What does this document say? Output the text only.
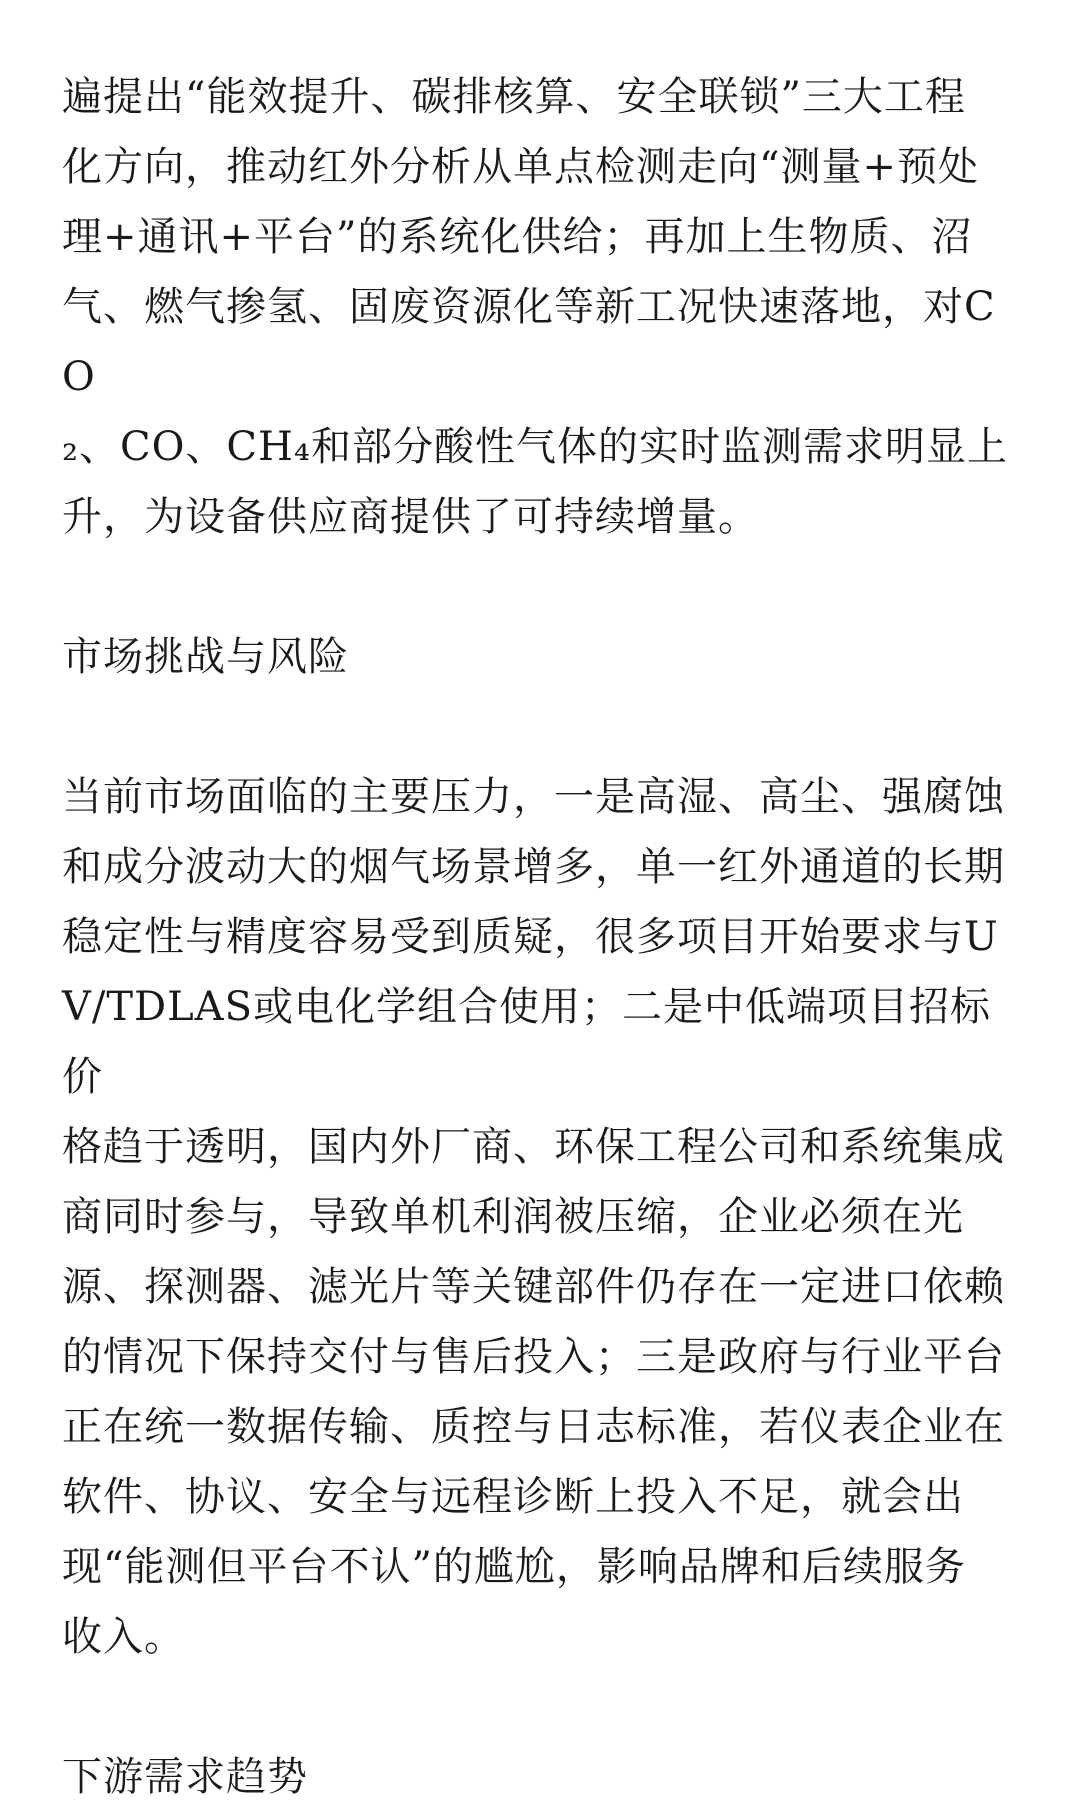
遍提出“能效提升、碳排核算、安全联锁”三大工程
化方向，推动红外分析从单点检测走向“测量+预处
理+通讯+平台”的系统化供给；再加上生物质、沼
气、燃气掺氢、固废资源化等新工况快速落地，对CO
₂、CO、CH₄和部分酸性气体的实时监测需求明显上
升，为设备供应商提供了可持续增量。
市场挑战与风险
当前市场面临的主要压力，一是高湿、高尘、强腐蚀
和成分波动大的烟气场景增多，单一红外通道的长期
稳定性与精度容易受到质疑，很多项目开始要求与U
V/TDLAS或电化学组合使用；二是中低端项目招标价
格趋于透明，国内外厂商、环保工程公司和系统集成
商同时参与，导致单机利润被压缩，企业必须在光
源、探测器、滤光片等关键部件仍存在一定进口依赖
的情况下保持交付与售后投入；三是政府与行业平台
正在统一数据传输、质控与日志标准，若仪表企业在
软件、协议、安全与远程诊断上投入不足，就会出
现“能测但平台不认”的尴尬，影响品牌和后续服务
收入。
下游需求趋势
